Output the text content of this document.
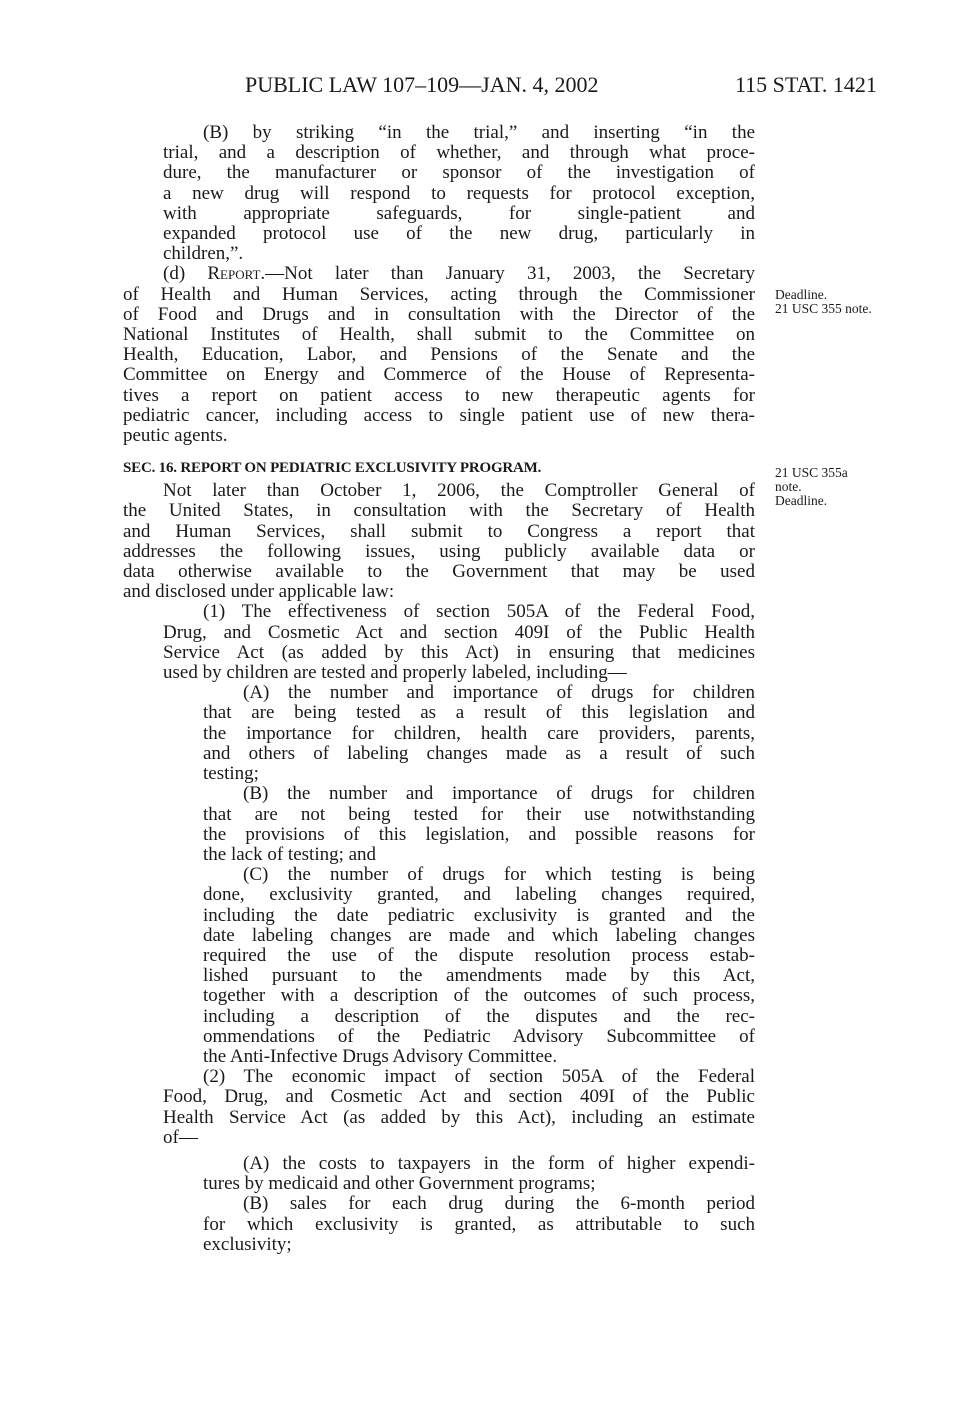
PUBLIC LAW 107–109—JAN. 4, 2002	115 STAT. 1421
Deadline.
21 USC 355 note.
21 USC 355a
note.
Deadline.
(B) by striking “in the trial,” and inserting “in the
trial, and a description of whether, and through what proce-
dure, the manufacturer or sponsor of the investigation of
a new drug will respond to requests for protocol exception,
with appropriate safeguards, for single-patient and
expanded protocol use of the new drug, particularly in
children,”.
(d) Report.—Not later than January 31, 2003, the Secretary
of Health and Human Services, acting through the Commissioner
of Food and Drugs and in consultation with the Director of the
National Institutes of Health, shall submit to the Committee on
Health, Education, Labor, and Pensions of the Senate and the
Committee on Energy and Commerce of the House of Representa-
tives a report on patient access to new therapeutic agents for
pediatric cancer, including access to single patient use of new thera-
peutic agents.
SEC. 16. REPORT ON PEDIATRIC EXCLUSIVITY PROGRAM.
Not later than October 1, 2006, the Comptroller General of
the United States, in consultation with the Secretary of Health
and Human Services, shall submit to Congress a report that
addresses the following issues, using publicly available data or
data otherwise available to the Government that may be used
and disclosed under applicable law:
(1) The effectiveness of section 505A of the Federal Food,
Drug, and Cosmetic Act and section 409I of the Public Health
Service Act (as added by this Act) in ensuring that medicines
used by children are tested and properly labeled, including—
(A) the number and importance of drugs for children
that are being tested as a result of this legislation and
the importance for children, health care providers, parents,
and others of labeling changes made as a result of such
testing;
(B) the number and importance of drugs for children
that are not being tested for their use notwithstanding
the provisions of this legislation, and possible reasons for
the lack of testing; and
(C) the number of drugs for which testing is being
done, exclusivity granted, and labeling changes required,
including the date pediatric exclusivity is granted and the
date labeling changes are made and which labeling changes
required the use of the dispute resolution process estab-
lished pursuant to the amendments made by this Act,
together with a description of the outcomes of such process,
including a description of the disputes and the rec-
ommendations of the Pediatric Advisory Subcommittee of
the Anti-Infective Drugs Advisory Committee.
(2) The economic impact of section 505A of the Federal
Food, Drug, and Cosmetic Act and section 409I of the Public
Health Service Act (as added by this Act), including an estimate
of—
(A) the costs to taxpayers in the form of higher expendi-
tures by medicaid and other Government programs;
(B) sales for each drug during the 6-month period
for which exclusivity is granted, as attributable to such
exclusivity;
